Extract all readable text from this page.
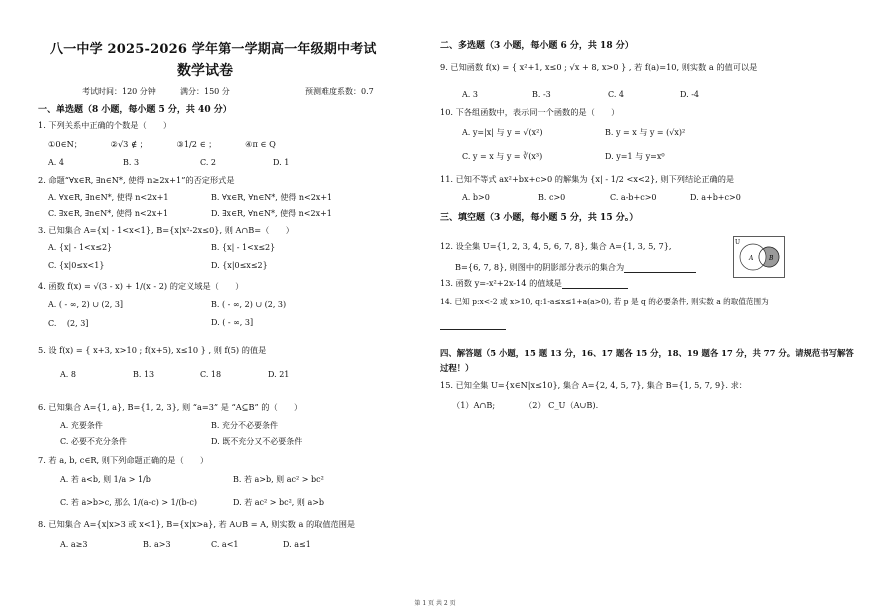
八一中学 2025-2026 学年第一学期高一年级期中考试
数学试卷
考试时间：120 分钟	满分：150 分	预测难度系数：0.7
一、单选题（8 小题，每小题 5 分，共 40 分）
1. 下列关系中正确的个数是（　　）
①0∈N；　　　　②√3 ∉ ；　　　　③1/2 ∈ ；　　　　④π ∈ Q
A. 4	B. 3	C. 2	D. 1
2. 命题“∀x∈R, ∃n∈N*, 使得 n≥2x+1”的否定形式是
A. ∀x∈R, ∃n∈N*, 使得 n<2x+1	B. ∀x∈R, ∀n∈N*, 使得 n<2x+1
C. ∃x∈R, ∃n∈N*, 使得 n<2x+1	D. ∃x∈R, ∀n∈N*, 使得 n<2x+1
3. 已知集合 A={x| - 1<x<1}, B={x|x²-2x≤0}, 则 A∩B=（　　）
A. {x| - 1<x≤2}	B. {x| - 1<x≤2}
C. {x|0≤x<1}	D. {x|0≤x≤2}
4. 函数 f(x) = √(3 - x) + 1/(x - 2) 的定义域是（　　）
A. ( - ∞, 2) ∪ (2, 3]	B. ( - ∞, 2) ∪ (2, 3)
C.　 (2, 3]	D. ( - ∞, 3]
5. 设 f(x) = { x+3, x>10 ; f(x+5), x≤10 } , 则 f(5) 的值是
A. 8	B. 13	C. 18	D. 21
6. 已知集合 A={1, a}, B={1, 2, 3}, 则 “a=3” 是 “A⊆B” 的（　　）
A. 充要条件	B. 充分不必要条件
C. 必要不充分条件	D. 既不充分又不必要条件
7. 若 a, b, c∈R, 则下列命题正确的是（　　）
A. 若 a<b, 则 1/a > 1/b	B. 若 a>b, 则 ac² > bc²
C. 若 a>b>c, 那么 1/(a-c) > 1/(b-c)	D. 若 ac² > bc², 则 a>b
8. 已知集合 A={x|x>3 或 x<1}, B={x|x>a}, 若 A∪B = A, 则实数 a 的取值范围是
A. a≥3	B. a>3	C. a<1	D. a≤1
二、多选题（3 小题，每小题 6 分，共 18 分）
9. 已知函数 f(x) = { x²+1, x≤0 ; √x + 8, x>0 } , 若 f(a)=10, 则实数 a 的值可以是
A. 3	B. -3	C. 4	D. -4
10. 下各组函数中，表示同一个函数的是（　　）
A. y=|x| 与 y = √(x²)	B. y = x 与 y = (√x)²
C. y = x 与 y = ∛(x³)	D. y=1 与 y=x⁰
11. 已知不等式 ax²+bx+c>0 的解集为 {x| - 1/2 <x<2}, 则下列结论正确的是
A. b>0	B. c>0	C. a-b+c>0	D. a+b+c>0
三、填空题（3 小题，每小题 5 分，共 15 分。）
12. 设全集 U={1, 2, 3, 4, 5, 6, 7, 8}, 集合 A={1, 3, 5, 7},
B={6, 7, 8}, 则图中的阴影部分表示的集合为
U
A	B
13. 函数 y=-x²+2x-14 的值域是
14. 已知 p:x<-2 或 x>10, q:1-a≤x≤1+a(a>0), 若 p 是 q 的必要条件, 则实数 a 的取值范围为
四、解答题（5 小题，15 题 13 分，16、17 题各 15 分，18、19 题各 17 分，共 77 分。请规范书写解答
过程！）
15. 已知全集 U={x∈N|x≤10}, 集合 A={2, 4, 5, 7}, 集合 B={1, 5, 7, 9}. 求：
（1）A∩B;	（2） C_U（A∪B).
第 1 页 共 2 页
